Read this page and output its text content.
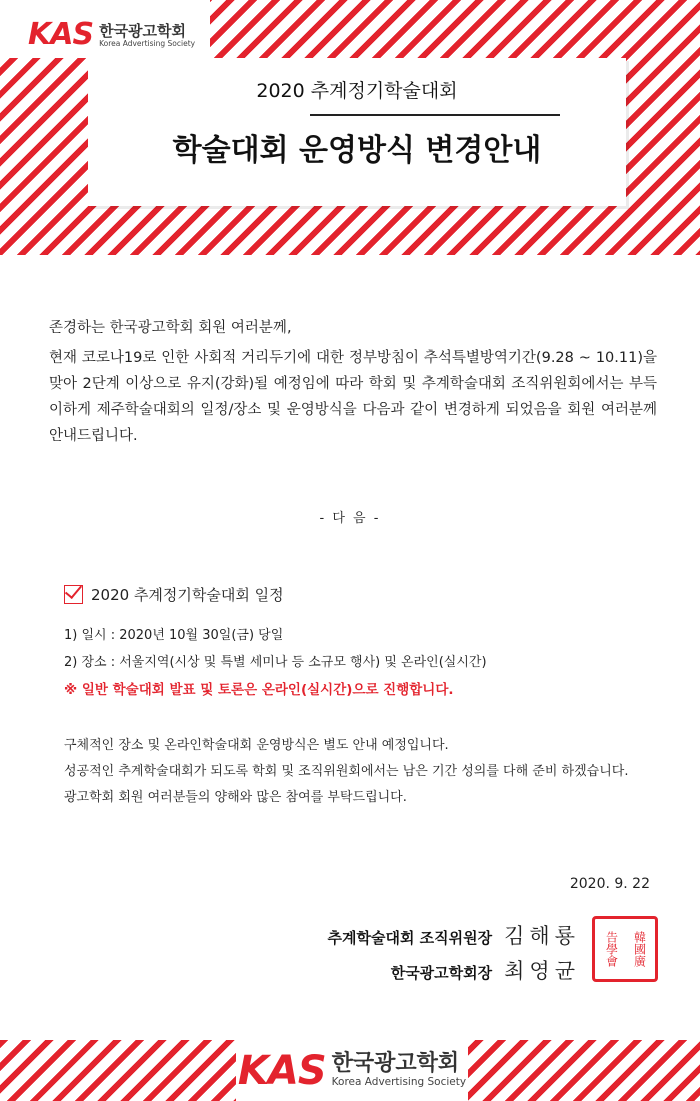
KAS 한국광고학회
Korea Advertising Society
2020 추계정기학술대회
학술대회 운영방식 변경안내
존경하는 한국광고학회 회원 여러분께,
현재 코로나19로 인한 사회적 거리두기에 대한 정부방침이 추석특별방역기간(9.28 ~ 10.11)을 맞아 2단계 이상으로 유지(강화)될 예정임에 따라 학회 및 추계학술대회 조직위원회에서는 부득이하게 제주학술대회의 일정/장소 및 운영방식을 다음과 같이 변경하게 되었음을 회원 여러분께 안내드립니다.
- 다 음 -
2020 추계정기학술대회 일정
1) 일시 : 2020년 10월 30일(금) 당일
2) 장소 : 서울지역(시상 및 특별 세미나 등 소규모 행사) 및 온라인(실시간)
※ 일반 학술대회 발표 및 토론은 온라인(실시간)으로 진행합니다.
구체적인 장소 및 온라인학술대회 운영방식은 별도 안내 예정입니다.
성공적인 추계학술대회가 되도록 학회 및 조직위원회에서는 남은 기간 성의를 다해 준비 하겠습니다.
광고학회 회원 여러분들의 양해와 많은 참여를 부탁드립니다.
2020. 9. 22
추계학술대회 조직위원장 김해룡
한국광고학회장 최영균
告學會 韓國廣
KAS 한국광고학회
Korea Advertising Society
